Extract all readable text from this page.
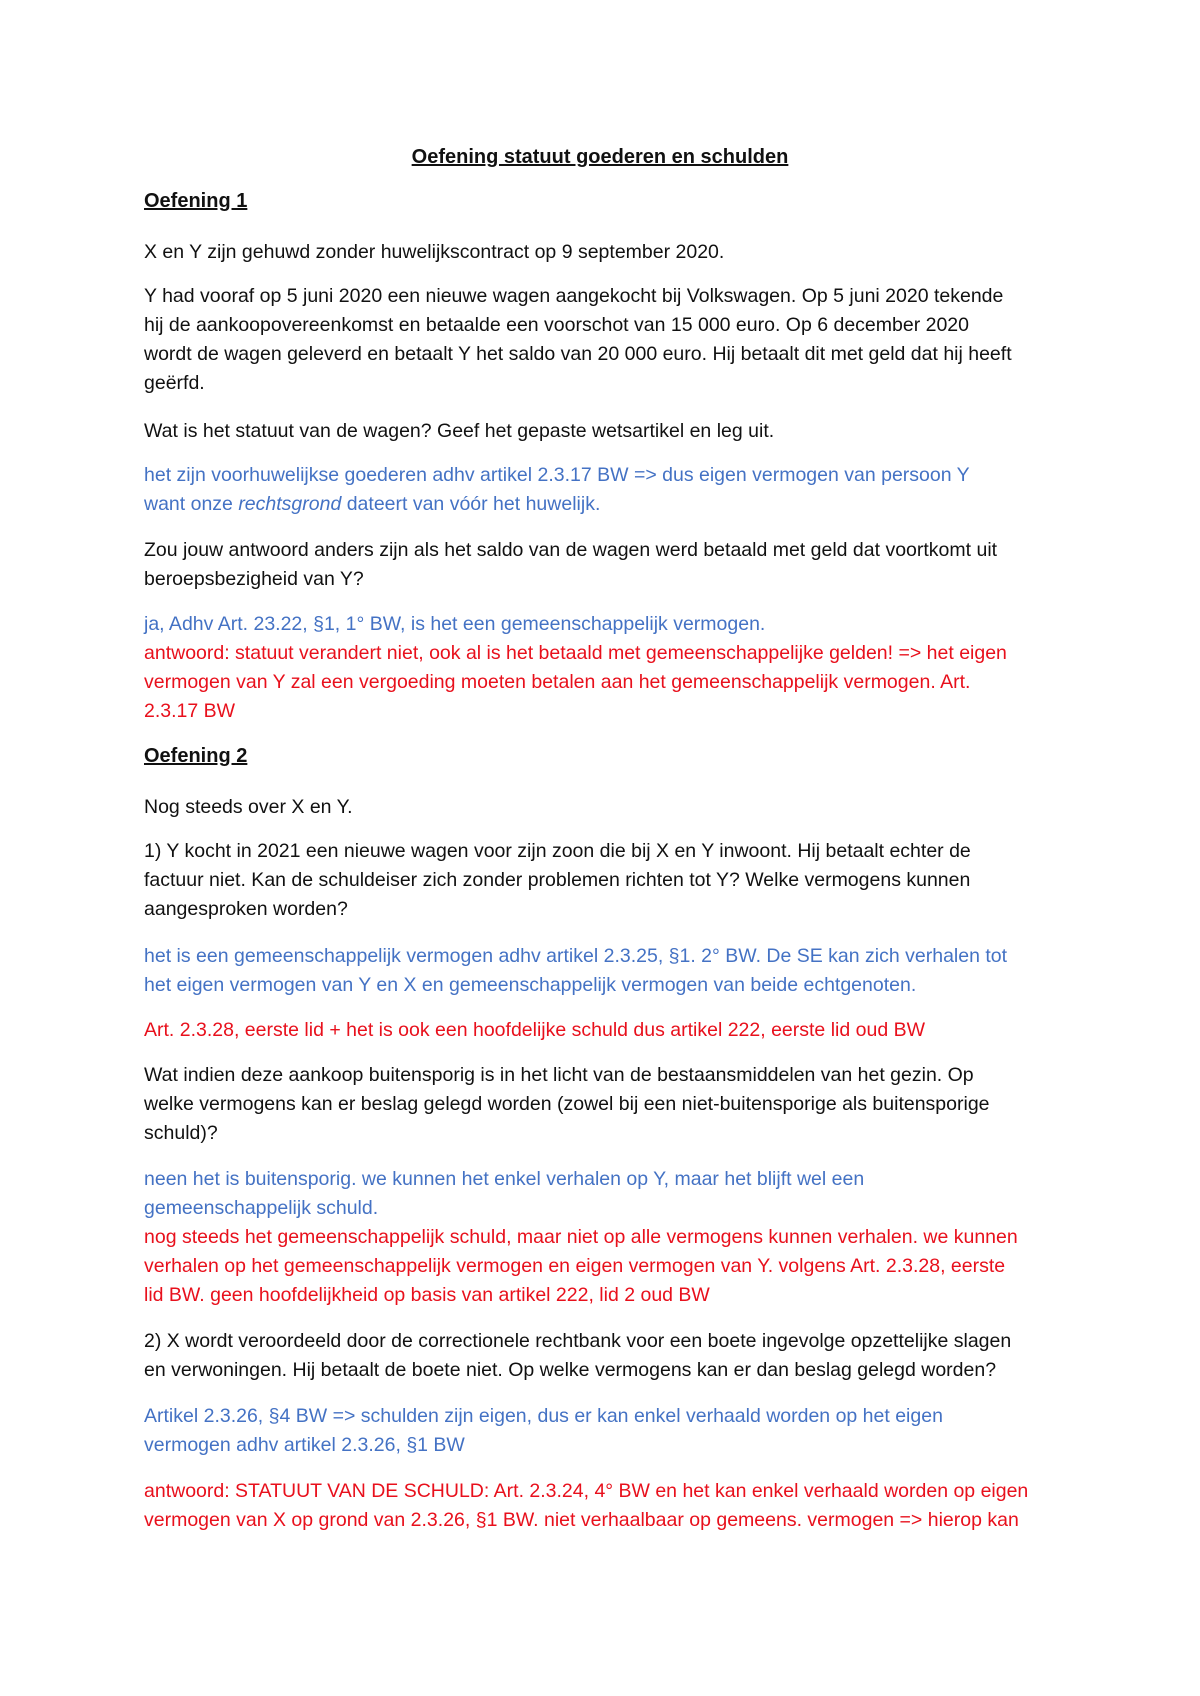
Oefening statuut goederen en schulden

Oefening 1

X en Y zijn gehuwd zonder huwelijkscontract op 9 september 2020.

Y had vooraf op 5 juni 2020 een nieuwe wagen aangekocht bij Volkswagen. Op 5 juni 2020 tekende
hij de aankoopovereenkomst en betaalde een voorschot van 15 000 euro. Op 6 december 2020
wordt de wagen geleverd en betaalt Y het saldo van 20 000 euro. Hij betaalt dit met geld dat hij heeft
geërfd.

Wat is het statuut van de wagen? Geef het gepaste wetsartikel en leg uit.

het zijn voorhuwelijkse goederen adhv artikel 2.3.17 BW => dus eigen vermogen van persoon Y
want onze rechtsgrond dateert van vóór het huwelijk.
Zou jouw antwoord anders zijn als het saldo van de wagen werd betaald met geld dat voortkomt uit
beroepsbezigheid van Y?

ja, Adhv Art. 23.22, §1, 1° BW, is het een gemeenschappelijk vermogen.

antwoord: statuut verandert niet, ook al is het betaald met gemeenschappelijke gelden! => het eigen
vermogen van Y zal een vergoeding moeten betalen aan het gemeenschappelijk vermogen. Art.
2.3.17 BW

Oefening 2

Nog steeds over X en Y.

1) Y kocht in 2021 een nieuwe wagen voor zijn zoon die bij X en Y inwoont. Hij betaalt echter de
factuur niet. Kan de schuldeiser zich zonder problemen richten tot Y? Welke vermogens kunnen
aangesproken worden?
het is een gemeenschappelijk vermogen adhv artikel 2.3.25, §1. 2° BW. De SE kan zich verhalen tot
het eigen vermogen van Y en X en gemeenschappelijk vermogen van beide echtgenoten.

Art. 2.3.28, eerste lid + het is ook een hoofdelijke schuld dus artikel 222, eerste lid oud BW

Wat indien deze aankoop buitensporig is in het licht van de bestaansmiddelen van het gezin. Op
welke vermogens kan er beslag gelegd worden (zowel bij een niet-buitensporige als buitensporige
schuld)?
neen het is buitensporig. we kunnen het enkel verhalen op Y, maar het blijft wel een
gemeenschappelijk schuld.
nog steeds het gemeenschappelijk schuld, maar niet op alle vermogens kunnen verhalen. we kunnen
verhalen op het gemeenschappelijk vermogen en eigen vermogen van Y. volgens Art. 2.3.28, eerste
lid BW. geen hoofdelijkheid op basis van artikel 222, lid 2 oud BW
2) X wordt veroordeeld door de correctionele rechtbank voor een boete ingevolge opzettelijke slagen
en verwoningen. Hij betaalt de boete niet. Op welke vermogens kan er dan beslag gelegd worden?
Artikel 2.3.26, §4 BW => schulden zijn eigen, dus er kan enkel verhaald worden op het eigen
vermogen adhv artikel 2.3.26, §1 BW
antwoord: STATUUT VAN DE SCHULD: Art. 2.3.24, 4° BW en het kan enkel verhaald worden op eigen
vermogen van X op grond van 2.3.26, §1 BW. niet verhaalbaar op gemeens. vermogen => hierop kan
